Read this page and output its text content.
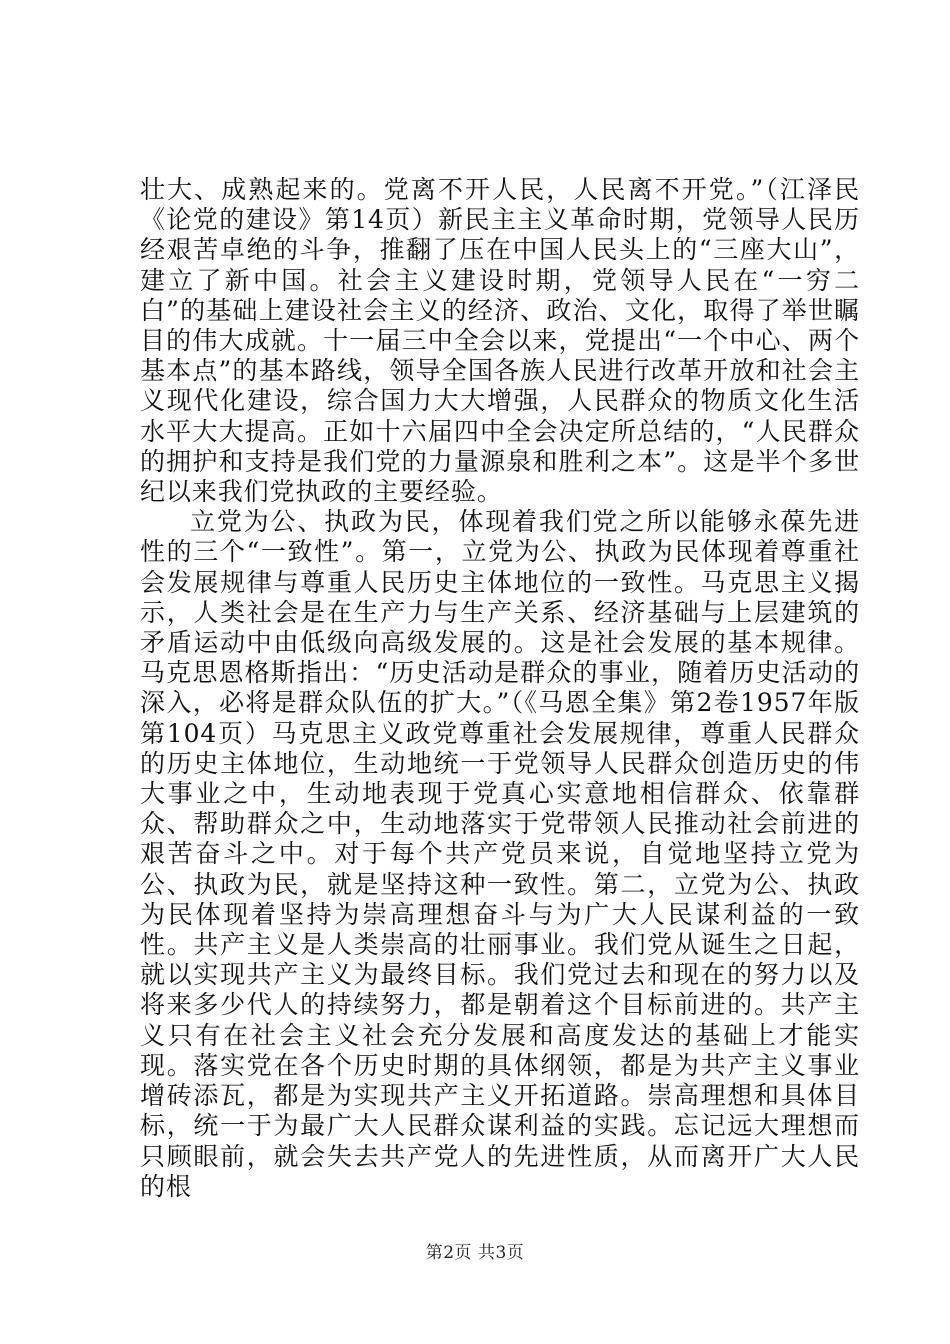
壮大、成熟起来的。党离不开人民，人民离不开党。”（江泽民《论党的建设》第14页）新民主主义革命时期，党领导人民历经艰苦卓绝的斗争，推翻了压在中国人民头上的“三座大山”，建立了新中国。社会主义建设时期，党领导人民在“一穷二白”的基础上建设社会主义的经济、政治、文化，取得了举世瞩目的伟大成就。十一届三中全会以来，党提出“一个中心、两个基本点”的基本路线，领导全国各族人民进行改革开放和社会主义现代化建设，综合国力大大增强，人民群众的物质文化生活水平大大提高。正如十六届四中全会决定所总结的，“人民群众的拥护和支持是我们党的力量源泉和胜利之本”。这是半个多世纪以来我们党执政的主要经验。

立党为公、执政为民，体现着我们党之所以能够永葆先进性的三个“一致性”。第一，立党为公、执政为民体现着尊重社会发展规律与尊重人民历史主体地位的一致性。马克思主义揭示，人类社会是在生产力与生产关系、经济基础与上层建筑的矛盾运动中由低级向高级发展的。这是社会发展的基本规律。马克思恩格斯指出：“历史活动是群众的事业，随着历史活动的深入，必将是群众队伍的扩大。”（《马恩全集》第2卷1957年版第104页）马克思主义政党尊重社会发展规律，尊重人民群众的历史主体地位，生动地统一于党领导人民群众创造历史的伟大事业之中，生动地表现于党真心实意地相信群众、依靠群众、帮助群众之中，生动地落实于党带领人民推动社会前进的艰苦奋斗之中。对于每个共产党员来说，自觉地坚持立党为公、执政为民，就是坚持这种一致性。第二，立党为公、执政为民体现着坚持为崇高理想奋斗与为广大人民谋利益的一致性。共产主义是人类崇高的壮丽事业。我们党从诞生之日起，就以实现共产主义为最终目标。我们党过去和现在的努力以及将来多少代人的持续努力，都是朝着这个目标前进的。共产主义只有在社会主义社会充分发展和高度发达的基础上才能实现。落实党在各个历史时期的具体纲领，都是为共产主义事业增砖添瓦，都是为实现共产主义开拓道路。崇高理想和具体目标，统一于为最广大人民群众谋利益的实践。忘记远大理想而只顾眼前，就会失去共产党人的先进性质，从而离开广大人民的根

第2页 共3页
